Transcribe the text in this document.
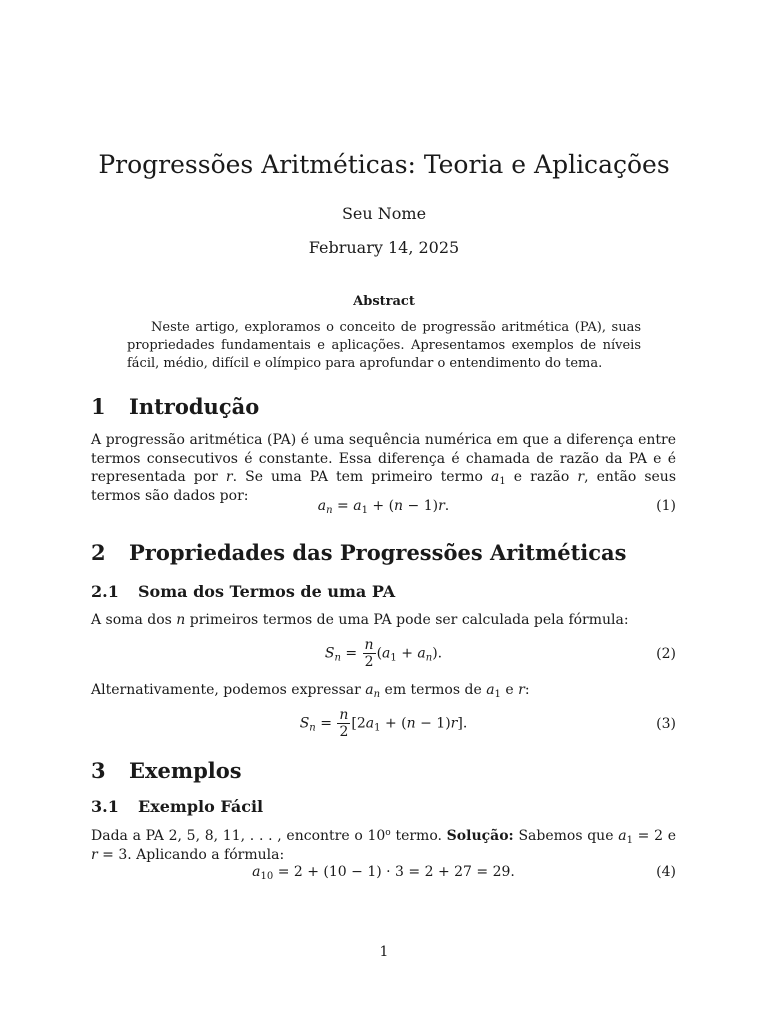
Progressões Aritméticas: Teoria e Aplicações
Seu Nome
February 14, 2025
Abstract
Neste artigo, exploramos o conceito de progressão aritmética (PA), suas propriedades fundamentais e aplicações. Apresentamos exemplos de níveis fácil, médio, difícil e olímpico para aprofundar o entendimento do tema.
1 Introdução
A progressão aritmética (PA) é uma sequência numérica em que a diferença entre termos consecutivos é constante. Essa diferença é chamada de razão da PA e é representada por r. Se uma PA tem primeiro termo $a_1$ e razão r, então seus termos são dados por:
$a_n = a_1 + (n - 1)r$.	(1)
2 Propriedades das Progressões Aritméticas
2.1 Soma dos Termos de uma PA
A soma dos n primeiros termos de uma PA pode ser calculada pela fórmula:
$S_n = \frac{n}{2} (a_1 + a_n)$.	(2)
Alternativamente, podemos expressar $a_n$ em termos de $a_1$ e r:
$S_n = \frac{n}{2} [2a_1 + (n - 1)r]$.	(3)
3 Exemplos
3.1 Exemplo Fácil
Dada a PA 2, 5, 8, 11, . . . , encontre o 10$^o$ termo. Solução: Sabemos que $a_1 = 2$ e r = 3. Aplicando a fórmula:
$a_{10} = 2 + (10 - 1) \cdot 3 = 2 + 27 = 29$.	(4)
1
